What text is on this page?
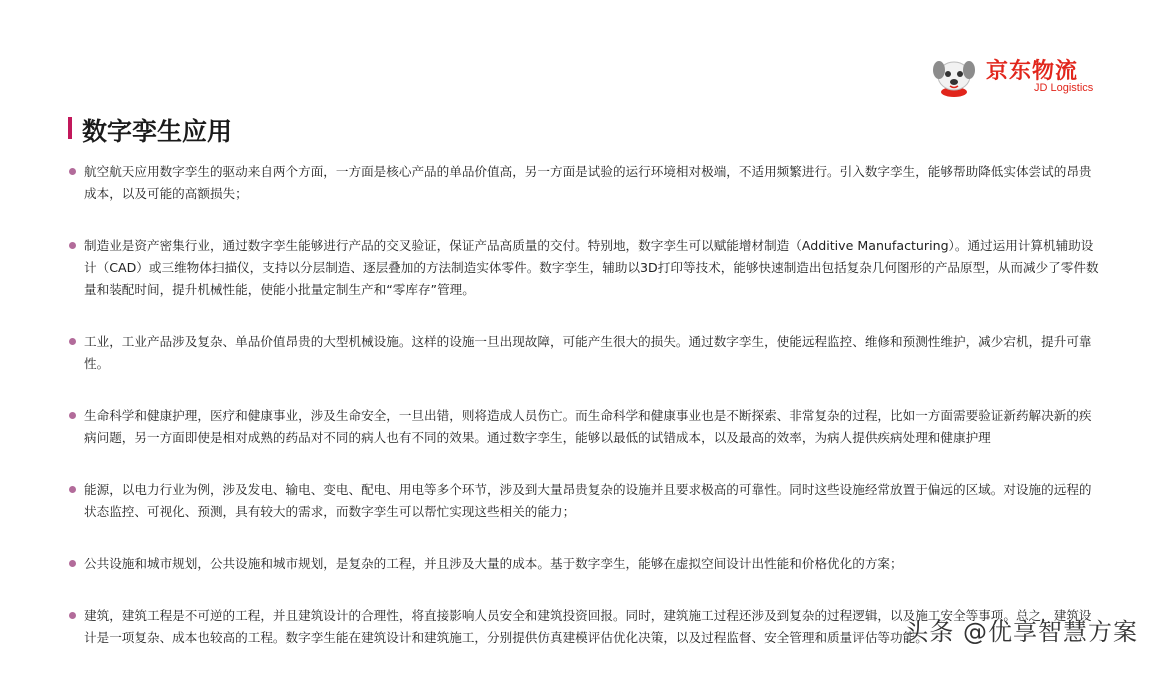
京东物流
JD Logistics
数字孪生应用
航空航天应用数字孪生的驱动来自两个方面，一方面是核心产品的单品价值高，另一方面是试验的运行环境相对极端，不适用频繁进行。引入数字孪生，能够帮助降低实体尝试的昂贵成本，以及可能的高额损失；
制造业是资产密集行业，通过数字孪生能够进行产品的交叉验证，保证产品高质量的交付。特别地，数字孪生可以赋能增材制造（Additive Manufacturing）。通过运用计算机辅助设计（CAD）或三维物体扫描仪，支持以分层制造、逐层叠加的方法制造实体零件。数字孪生，辅助以3D打印等技术，能够快速制造出包括复杂几何图形的产品原型，从而减少了零件数量和装配时间，提升机械性能，使能小批量定制生产和“零库存”管理。
工业，工业产品涉及复杂、单品价值昂贵的大型机械设施。这样的设施一旦出现故障，可能产生很大的损失。通过数字孪生，使能远程监控、维修和预测性维护，减少宕机，提升可靠性。
生命科学和健康护理，医疗和健康事业，涉及生命安全，一旦出错，则将造成人员伤亡。而生命科学和健康事业也是不断探索、非常复杂的过程，比如一方面需要验证新药解决新的疾病问题，另一方面即使是相对成熟的药品对不同的病人也有不同的效果。通过数字孪生，能够以最低的试错成本，以及最高的效率，为病人提供疾病处理和健康护理
能源，以电力行业为例，涉及发电、输电、变电、配电、用电等多个环节，涉及到大量昂贵复杂的设施并且要求极高的可靠性。同时这些设施经常放置于偏远的区域。对设施的远程的状态监控、可视化、预测，具有较大的需求，而数字孪生可以帮忙实现这些相关的能力；
公共设施和城市规划，公共设施和城市规划，是复杂的工程，并且涉及大量的成本。基于数字孪生，能够在虚拟空间设计出性能和价格优化的方案；
建筑，建筑工程是不可逆的工程，并且建筑设计的合理性，将直接影响人员安全和建筑投资回报。同时，建筑施工过程还涉及到复杂的过程逻辑，以及施工安全等事项。总之，建筑设计是一项复杂、成本也较高的工程。数字孪生能在建筑设计和建筑施工，分别提供仿真建模评估优化决策，以及过程监督、安全管理和质量评估等功能。
头条 @优享智慧方案
